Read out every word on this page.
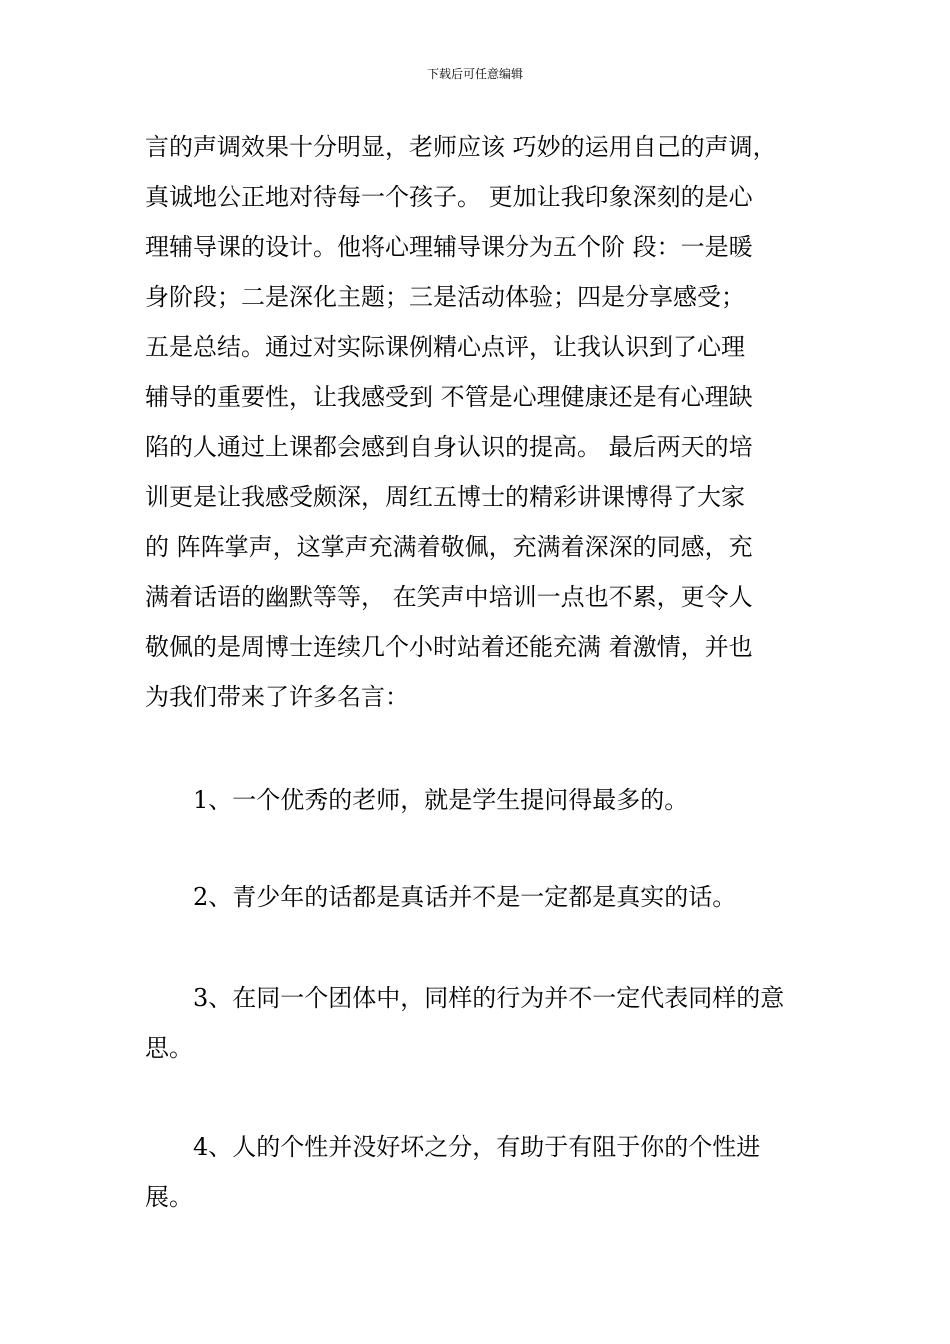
下载后可任意编辑
言的声调效果十分明显，老师应该 巧妙的运用自己的声调，
真诚地公正地对待每一个孩子。 更加让我印象深刻的是心
理辅导课的设计。他将心理辅导课分为五个阶 段：一是暖
身阶段；二是深化主题；三是活动体验；四是分享感受；
五是总结。通过对实际课例精心点评，让我认识到了心理
辅导的重要性，让我感受到 不管是心理健康还是有心理缺
陷的人通过上课都会感到自身认识的提高。 最后两天的培
训更是让我感受颇深，周红五博士的精彩讲课博得了大家
的 阵阵掌声，这掌声充满着敬佩，充满着深深的同感，充
满着话语的幽默等等， 在笑声中培训一点也不累，更令人
敬佩的是周博士连续几个小时站着还能充满 着激情，并也
为我们带来了许多名言：

1、一个优秀的老师，就是学生提问得最多的。

2、青少年的话都是真话并不是一定都是真实的话。

3、在同一个团体中，同样的行为并不一定代表同样的意思。

4、人的个性并没好坏之分，有助于有阻于你的个性进展。
